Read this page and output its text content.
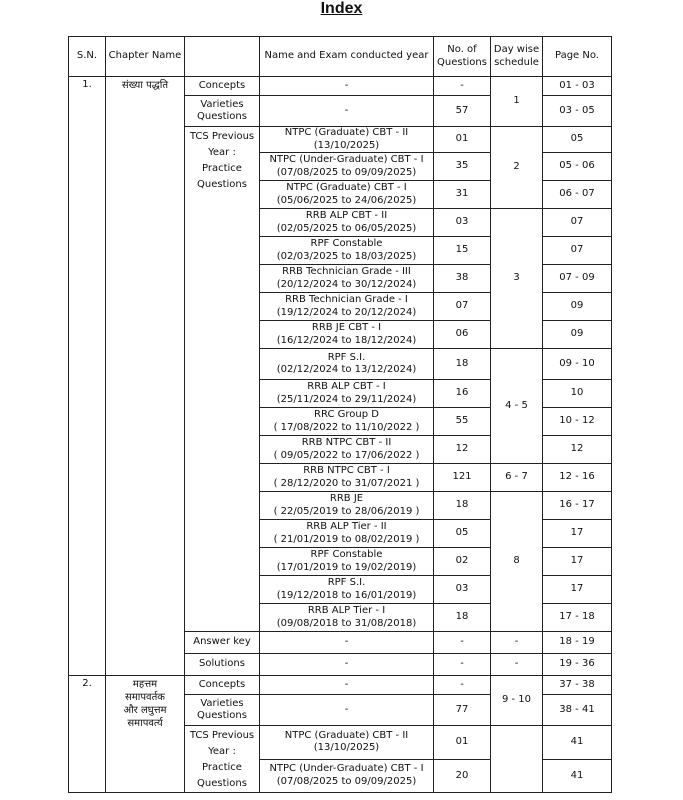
Index
S.N.	Chapter Name		Name and Exam conducted year	No. of Questions	Day wise schedule	Page No.
1.	संख्या पद्धति	Concepts	-	-	1	01 - 03
		Varieties Questions	-	57		03 - 05
		TCS Previous Year : Practice Questions	NTPC (Graduate) CBT - II
(13/10/2025)	01	2	05

			NTPC (Under-Graduate) CBT - I
(07/08/2025 to 09/09/2025)	35		05 - 06

			NTPC (Graduate) CBT - I
(05/06/2025 to 24/06/2025)	31		06 - 07

			RRB ALP CBT - II
(02/05/2025 to 06/05/2025)	03	3	07

			RPF Constable
(02/03/2025 to 18/03/2025)	15		07

			RRB Technician Grade - III
(20/12/2024 to 30/12/2024)	38		07 - 09

			RRB Technician Grade - I
(19/12/2024 to 20/12/2024)	07		09

			RRB JE CBT - I
(16/12/2024 to 18/12/2024)	06		09

			RPF S.I.
(02/12/2024 to 13/12/2024)	18	4 - 5	09 - 10

			RRB ALP CBT - I
(25/11/2024 to 29/11/2024)	16		10

			RRC Group D
( 17/08/2022 to 11/10/2022 )	55		10 - 12

			RRB NTPC CBT - II
( 09/05/2022 to 17/06/2022 )	12		12

			RRB NTPC CBT - I
( 28/12/2020 to 31/07/2021 )	121	6 - 7	12 - 16

			RRB JE
( 22/05/2019 to 28/06/2019 )	18	8	16 - 17

			RRB ALP Tier - II
( 21/01/2019 to 08/02/2019 )	05		17

			RPF Constable
(17/01/2019 to 19/02/2019)	02		17

			RPF S.I.
(19/12/2018 to 16/01/2019)	03		17

			RRB ALP Tier - I
(09/08/2018 to 31/08/2018)	18		17 - 18
		Answer key	-	-	-	18 - 19
		Solutions	-	-	-	19 - 36
2.	महत्तम
समापवर्तक
और लघुत्तम
समापवर्त्य	Concepts	-	-	9 - 10	37 - 38
		Varieties Questions	-	77		38 - 41
		TCS Previous Year : Practice Questions	NTPC (Graduate) CBT - II
(13/10/2025)	01		41

			NTPC (Under-Graduate) CBT - I
(07/08/2025 to 09/09/2025)	20		41
